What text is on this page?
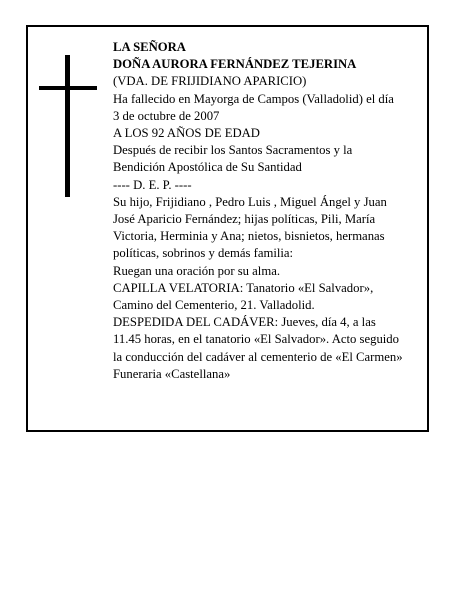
LA SEÑORA
DOÑA AURORA FERNÁNDEZ TEJERINA
(VDA. DE FRIJIDIANO APARICIO)
Ha fallecido en Mayorga de Campos (Valladolid) el día
3 de octubre de 2007
A LOS 92 AÑOS DE EDAD
Después de recibir los Santos Sacramentos y la
Bendición Apostólica de Su Santidad
---- D. E. P. ----
Su hijo, Frijidiano , Pedro Luis , Miguel Ángel y Juan
José Aparicio Fernández; hijas políticas, Pili, María
Victoria, Herminia y Ana; nietos, bisnietos, hermanas
políticas, sobrinos y demás familia:
Ruegan una oración por su alma.
CAPILLA VELATORIA: Tanatorio «El Salvador»,
Camino del Cementerio, 21. Valladolid.
DESPEDIDA DEL CADÁVER: Jueves, día 4, a las
11.45 horas, en el tanatorio «El Salvador». Acto seguido
la conducción del cadáver al cementerio de «El Carmen»
Funeraria «Castellana»
